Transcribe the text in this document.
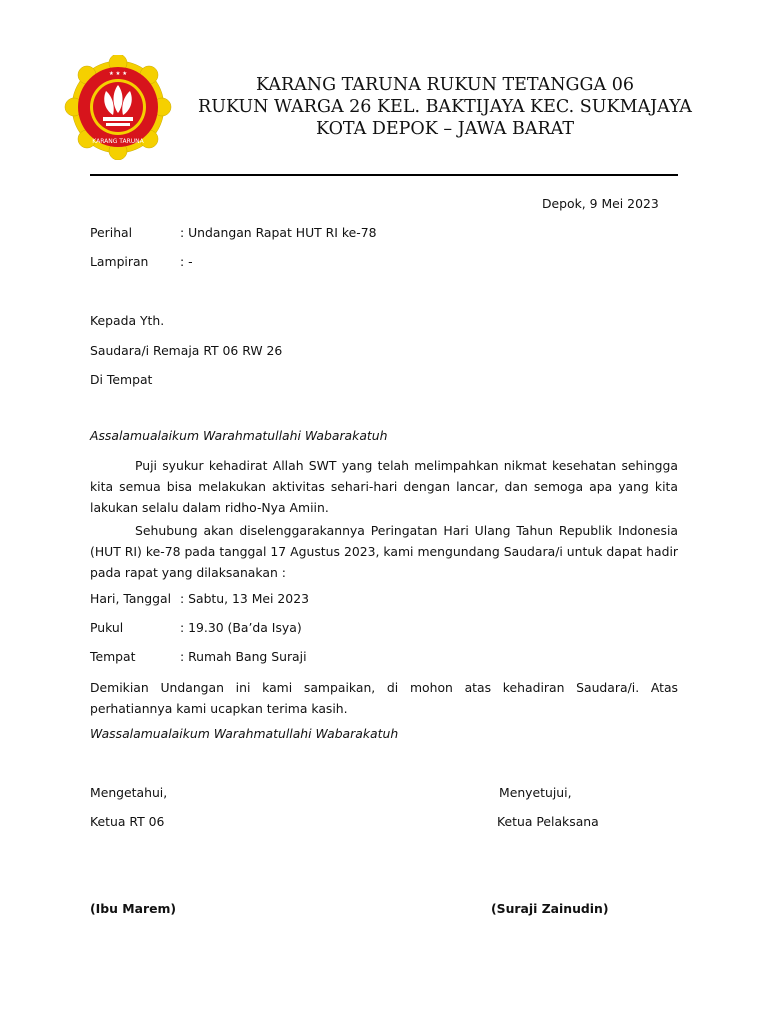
★ ★ ★
KARANG TARUNA
KARANG TARUNA RUKUN TETANGGA 06
RUKUN WARGA 26 KEL. BAKTIJAYA KEC. SUKMAJAYA
KOTA DEPOK – JAWA BARAT
Depok, 9 Mei 2023
Perihal	: Undangan Rapat HUT RI ke-78
Lampiran	: -
Kepada Yth.
Saudara/i Remaja RT 06 RW 26
Di Tempat
Assalamualaikum Warahmatullahi Wabarakatuh
Puji syukur kehadirat Allah SWT yang telah melimpahkan nikmat kesehatan sehingga kita semua bisa melakukan aktivitas sehari-hari dengan lancar, dan semoga apa yang kita lakukan selalu dalam ridho-Nya Amiin.
Sehubung akan diselenggarakannya Peringatan Hari Ulang Tahun Republik Indonesia (HUT RI) ke-78 pada tanggal 17 Agustus 2023, kami mengundang Saudara/i untuk dapat hadir pada rapat yang dilaksanakan :
Hari, Tanggal : Sabtu, 13 Mei 2023
Pukul	: 19.30 (Ba’da Isya)
Tempat	: Rumah Bang Suraji
Demikian Undangan ini kami sampaikan, di mohon atas kehadiran Saudara/i. Atas perhatiannya kami ucapkan terima kasih.
Wassalamualaikum Warahmatullahi Wabarakatuh
Mengetahui,
Ketua RT 06
(Ibu Marem)
Menyetujui,
Ketua Pelaksana
(Suraji Zainudin)
